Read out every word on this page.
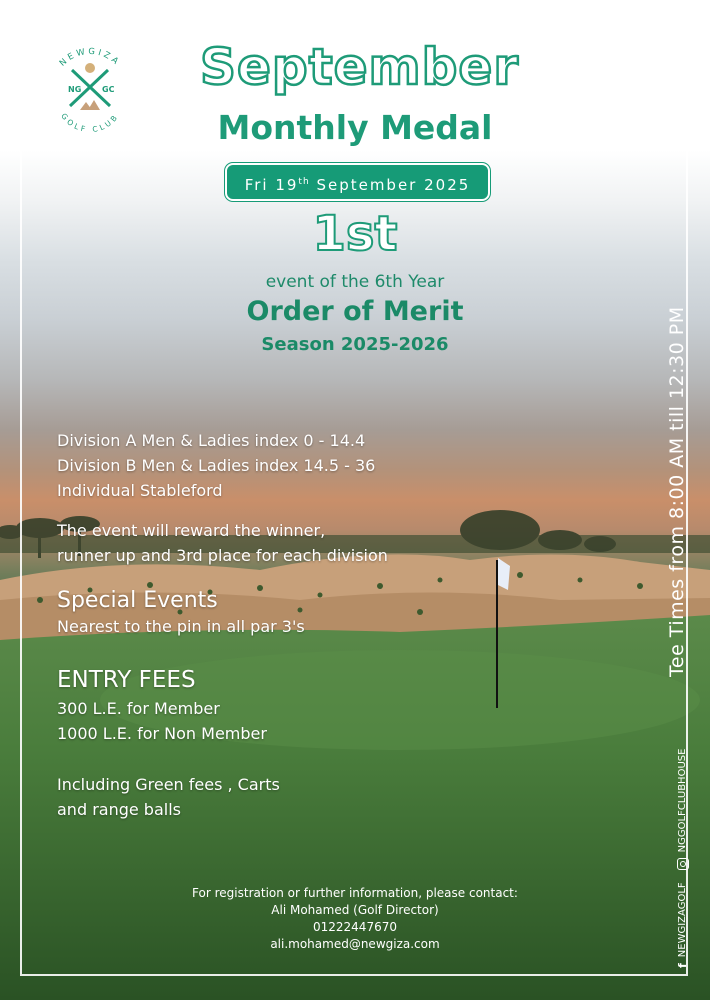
NEWGIZA
GOLF CLUB
NG	GC September
Monthly Medal
Fri 19th September 2025
1st
event of the 6th Year
Order of Merit
Season 2025-2026
Division A Men & Ladies index 0 - 14.4
Division B Men & Ladies index 14.5 - 36
Individual Stableford
The event will reward the winner,
runner up and 3rd place for each division
Special Events
Nearest to the pin in all par 3's
ENTRY FEES
300 L.E. for Member
1000 L.E. for Non Member
Including Green fees , Carts
and range balls
For registration or further information, please contact:
Ali Mohamed (Golf Director)
01222447670
ali.mohamed@newgiza.com
Tee Times from 8:00 AM till 12:30 PM
f
NEWGIZAGOLF
NGGOLFCLUBHOUSE
